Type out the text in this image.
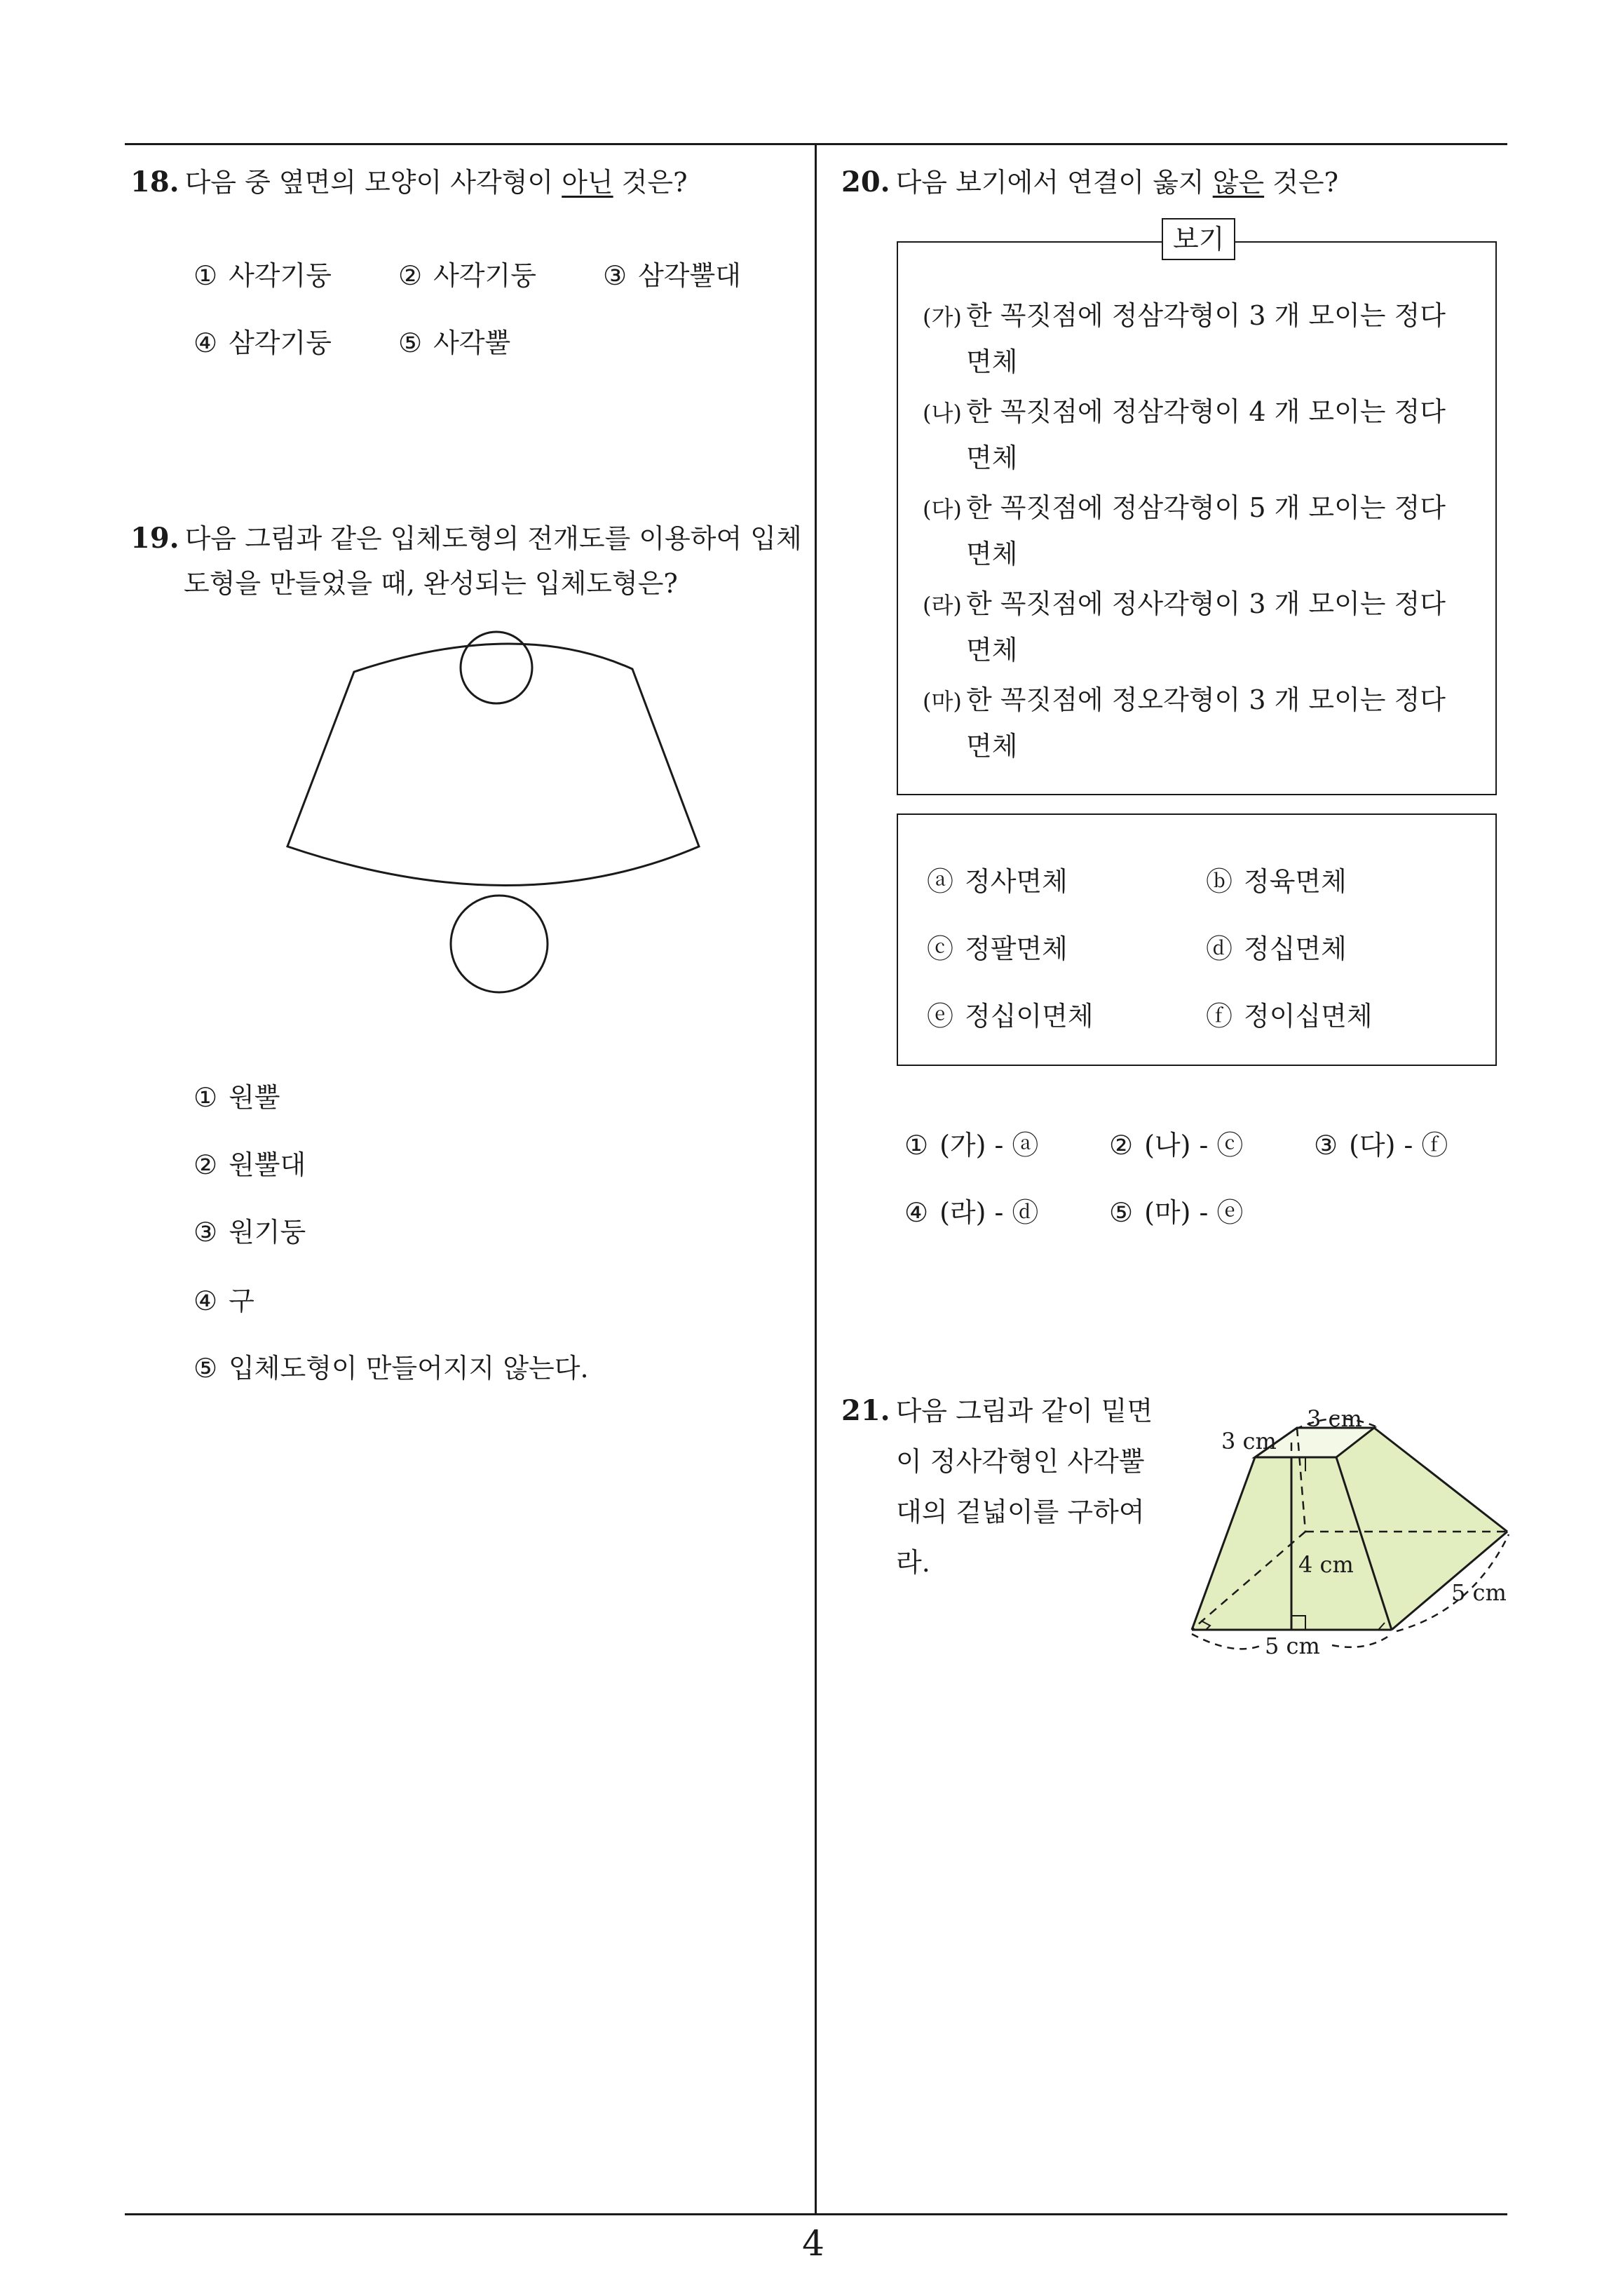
18. 다음 중 옆면의 모양이 사각형이 아닌 것은?
① 사각기둥	② 사각기둥	③ 삼각뿔대
④ 삼각기둥	⑤ 사각뿔
19. 다음 그림과 같은 입체도형의 전개도를 이용하여 입체
도형을 만들었을 때, 완성되는 입체도형은?
① 원뿔
② 원뿔대
③ 원기둥
④ 구
⑤ 입체도형이 만들어지지 않는다.
20. 다음 보기에서 연결이 옳지 않은 것은?
보기
(가) 한 꼭짓점에 정삼각형이 3 개 모이는 정다
면체
(나) 한 꼭짓점에 정삼각형이 4 개 모이는 정다
면체
(다) 한 꼭짓점에 정삼각형이 5 개 모이는 정다
면체
(라) 한 꼭짓점에 정사각형이 3 개 모이는 정다
면체
(마) 한 꼭짓점에 정오각형이 3 개 모이는 정다
면체
ⓐ 정사면체	ⓑ 정육면체
ⓒ 정팔면체	ⓓ 정십면체
ⓔ 정십이면체	ⓕ 정이십면체
① (가) - ⓐ	② (나) - ⓒ	③ (다) - ⓕ
④ (라) - ⓓ	⑤ (마) - ⓔ
21. 다음 그림과 같이 밑면
이 정사각형인 사각뿔
대의 겉넓이를 구하여
라.
3 cm
3 cm
4 cm
5 cm
5 cm
4
